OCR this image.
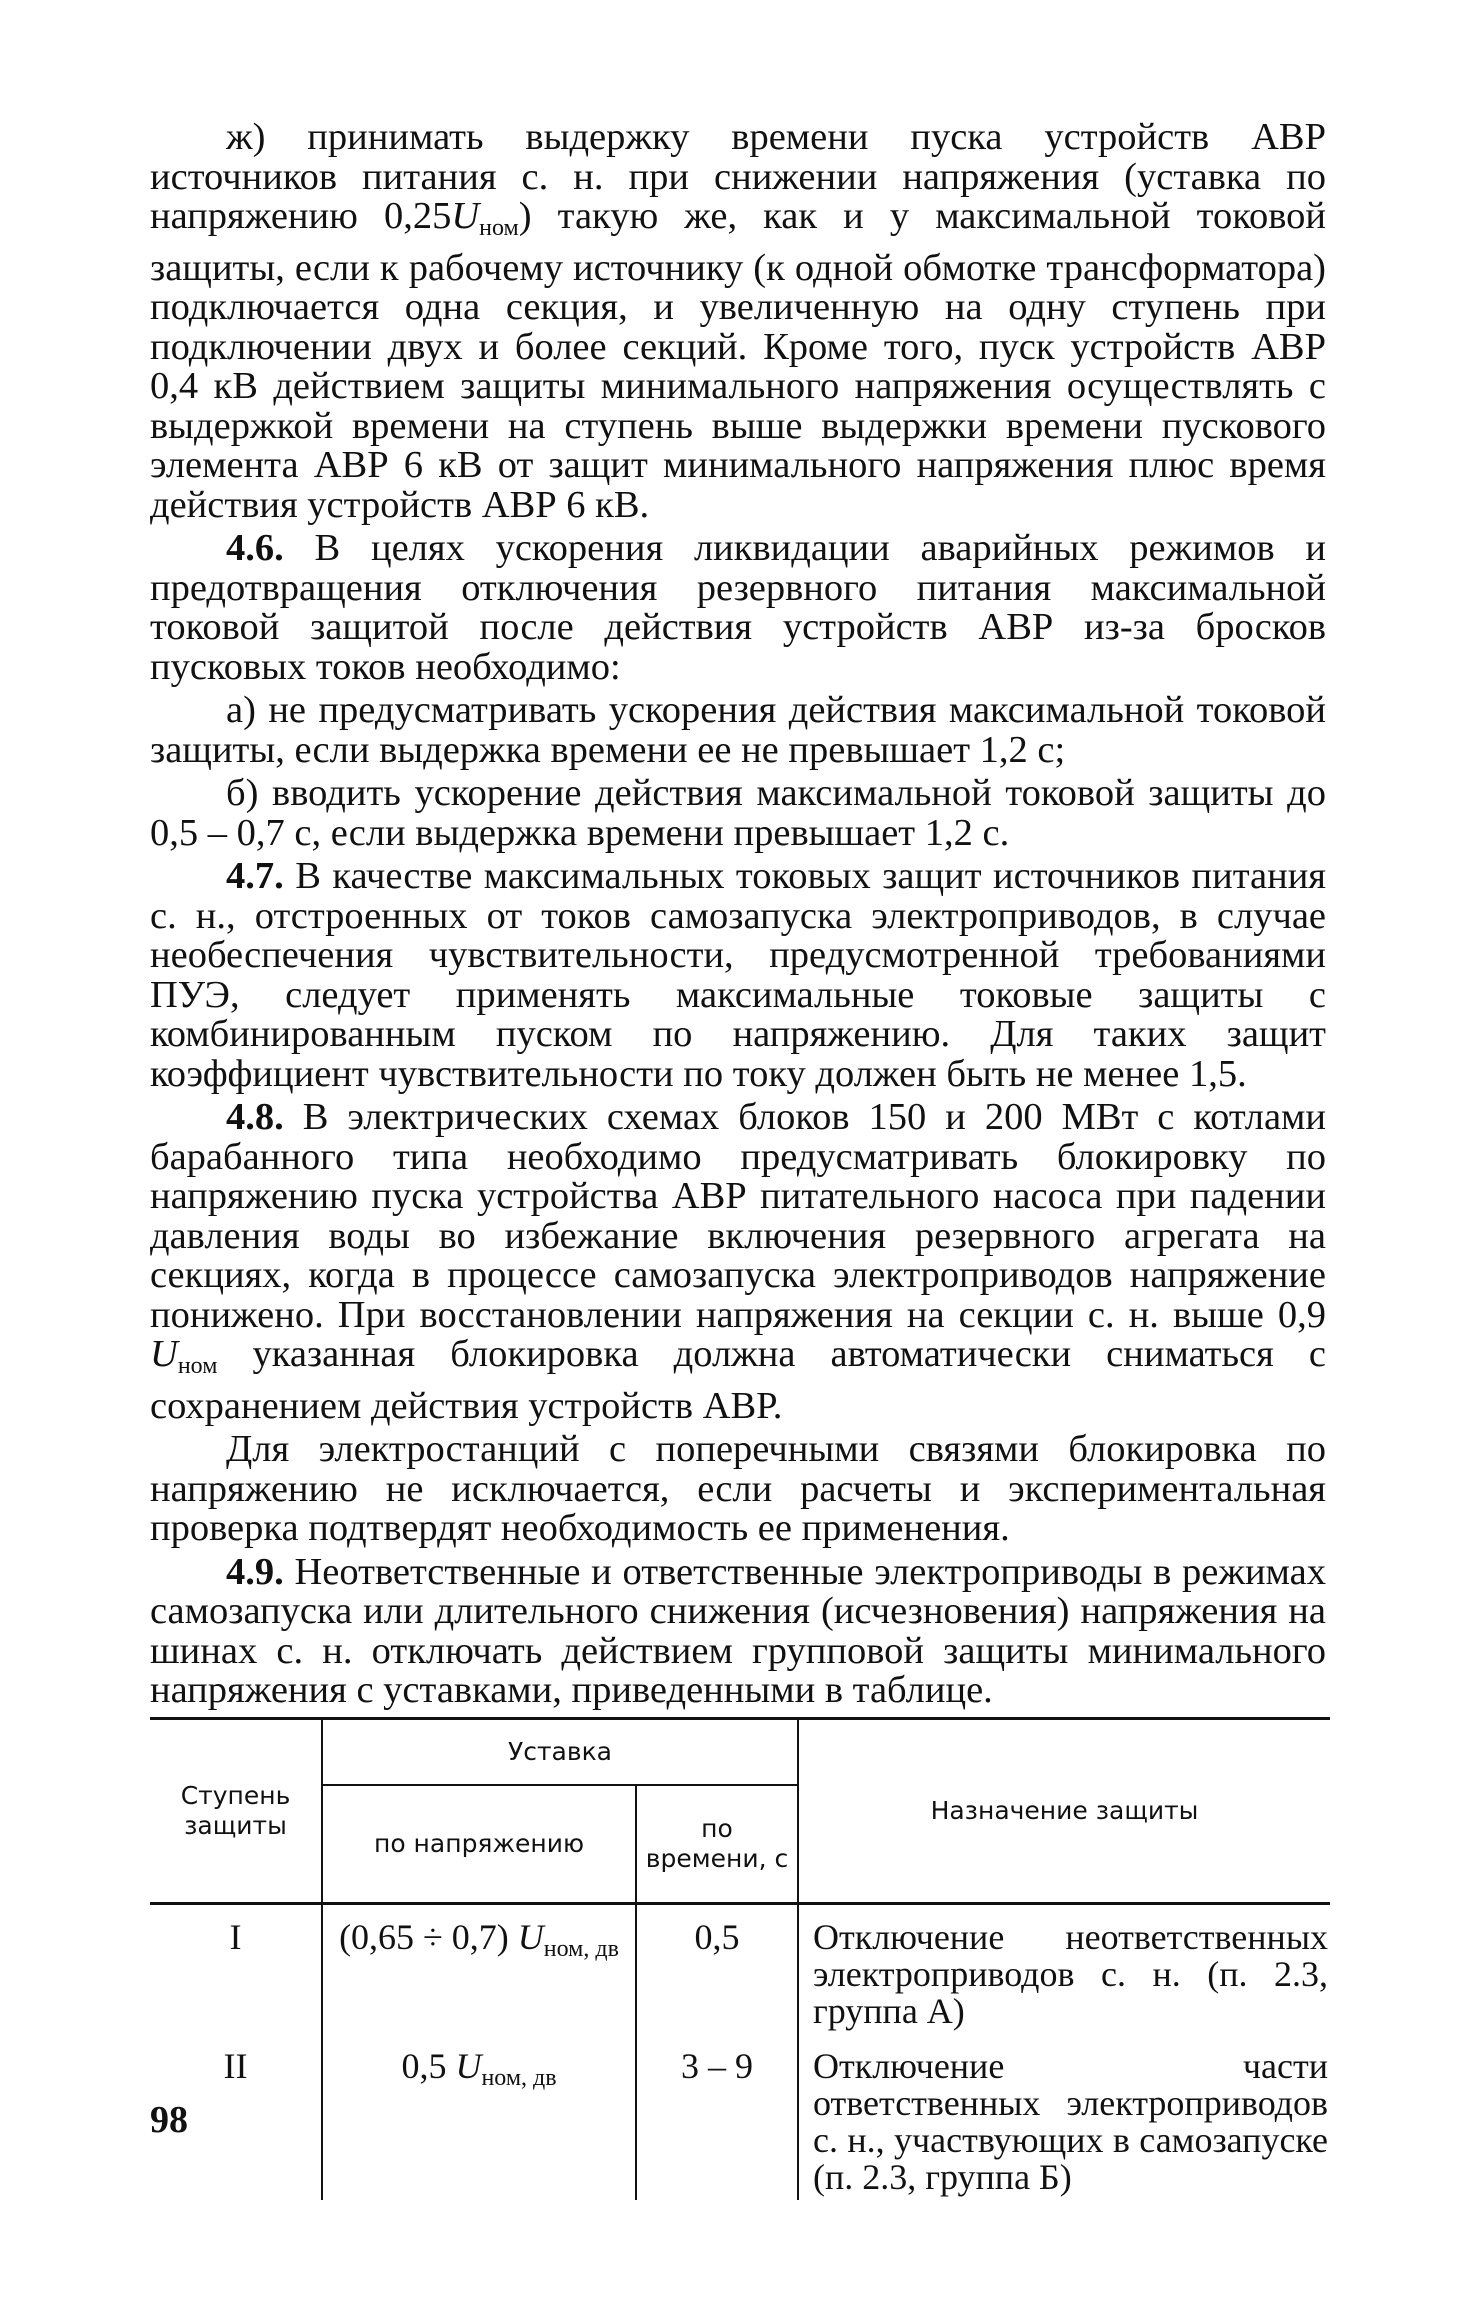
ж) принимать выдержку времени пуска устройств АВР источников питания с. н. при снижении напряжения (уставка по напряжению $0,25U_{ном}$) такую же, как и у максимальной токовой защиты, если к рабочему источнику (к одной обмотке трансформатора) подключается одна секция, и увеличенную на одну ступень при подключении двух и более секций. Кроме того, пуск устройств АВР 0,4 кВ действием защиты минимального напряжения осуществлять с выдержкой времени на ступень выше выдержки времени пускового элемента АВР 6 кВ от защит минимального напряжения плюс время действия устройств АВР 6 кВ.

4.6. В целях ускорения ликвидации аварийных режимов и предотвращения отключения резервного питания максимальной токовой защитой после действия устройств АВР из-за бросков пусковых токов необходимо:

а) не предусматривать ускорения действия максимальной токовой защиты, если выдержка времени ее не превышает 1,2 с;

б) вводить ускорение действия максимальной токовой защиты до 0,5 – 0,7 с, если выдержка времени превышает 1,2 с.

4.7. В качестве максимальных токовых защит источников питания с. н., отстроенных от токов самозапуска электроприводов, в случае необеспечения чувствительности, предусмотренной требованиями ПУЭ, следует применять максимальные токовые защиты с комбинированным пуском по напряжению. Для таких защит коэффициент чувствительности по току должен быть не менее 1,5.

4.8. В электрических схемах блоков 150 и 200 МВт с котлами барабанного типа необходимо предусматривать блокировку по напряжению пуска устройства АВР питательного насоса при падении давления воды во избежание включения резервного агрегата на секциях, когда в процессе самозапуска электроприводов напряжение понижено. При восстановлении напряжения на секции с. н. выше 0,9 $U_{ном}$ указанная блокировка должна автоматически сниматься с сохранением действия устройств АВР.

Для электростанций с поперечными связями блокировка по напряжению не исключается, если расчеты и экспериментальная проверка подтвердят необходимость ее применения.

4.9. Неответственные и ответственные электроприводы в режимах самозапуска или длительного снижения (исчезновения) напряжения на шинах с. н. отключать действием групповой защиты минимального напряжения с уставками, приведенными в таблице.

Ступень защиты	Уставка		Назначение защиты
	по напряжению	по времени, с	
I	(0,65 ÷ 0,7) $U_{ном, дв}$	0,5	Отключение неответственных электроприводов с. н. (п. 2.3, группа А)
II	0,5 $U_{ном, дв}$	3 – 9	Отключение части ответственных электроприводов с. н., участвующих в самозапуске (п. 2.3, группа Б)
98
